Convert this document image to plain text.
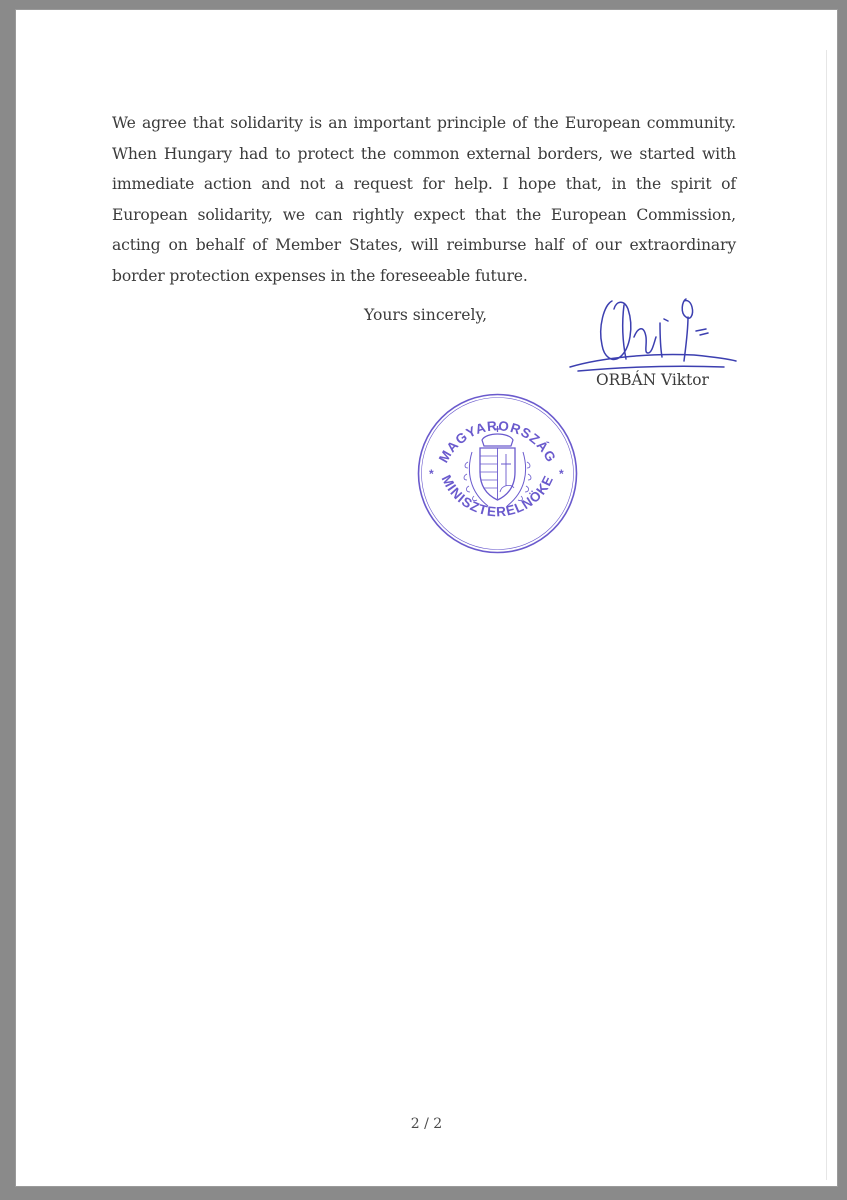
We agree that solidarity is an important principle of the European community. When Hungary had to protect the common external borders, we started with immediate action and not a request for help. I hope that, in the spirit of European solidarity, we can rightly expect that the European Commission, acting on behalf of Member States, will reimburse half of our extraordinary border protection expenses in the foreseeable future.
Yours sincerely,
ORBÁN Viktor
MAGYARORSZÁG
MINISZTERELNÖKE
*	*
2 / 2
